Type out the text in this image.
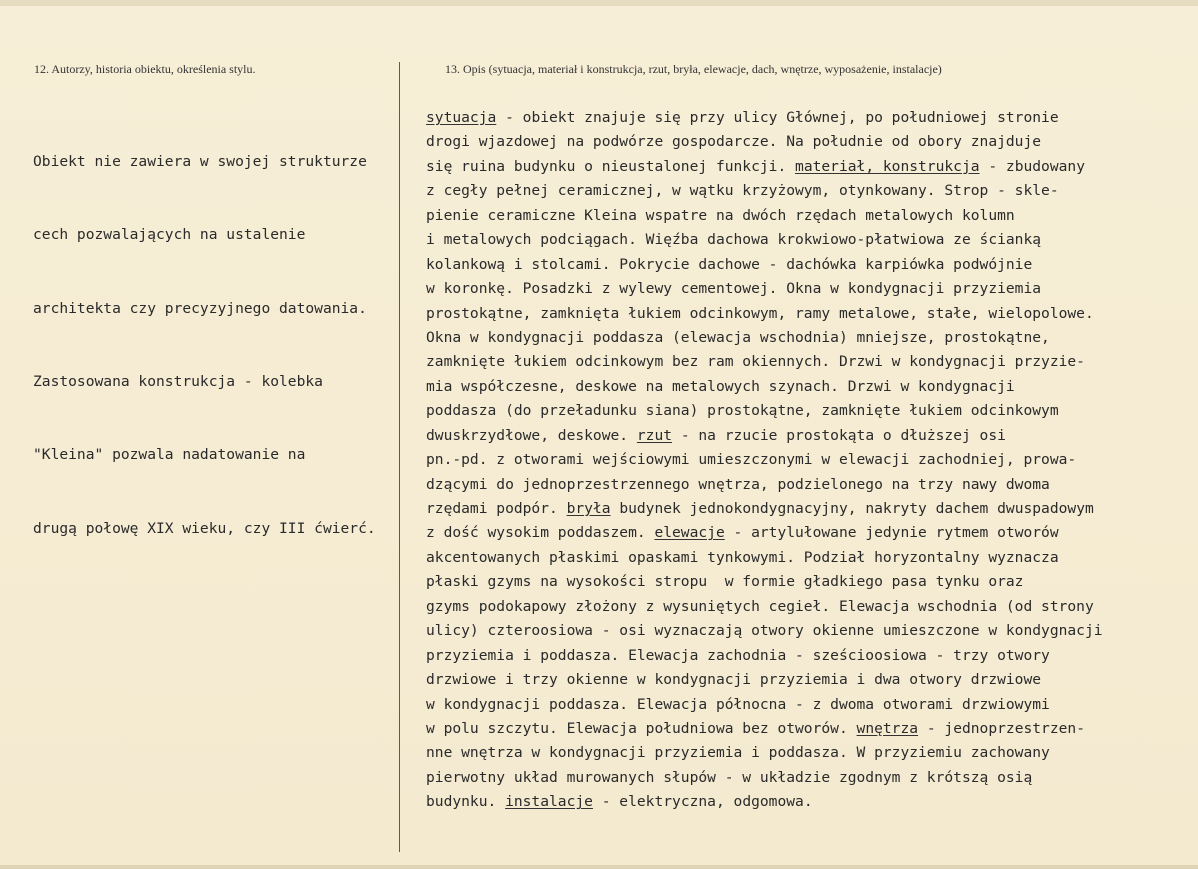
12. Autorzy, historia obiektu, określenia stylu.	13. Opis (sytuacja, materiał i konstrukcja, rzut, bryła, elewacje, dach, wnętrze, wyposażenie, instalacje)

Obiekt nie zawiera w swojej strukturze

cech pozwalających na ustalenie

architekta czy precyzyjnego datowania.

Zastosowana konstrukcja - kolebka

"Kleina" pozwala nadatowanie na

drugą połowę XIX wieku, czy III ćwierć.

sytuacja - obiekt znajuje się przy ulicy Głównej, po południowej stronie
drogi wjazdowej na podwórze gospodarcze. Na południe od obory znajduje
się ruina budynku o nieustalonej funkcji. materiał, konstrukcja - zbudowany
z cegły pełnej ceramicznej, w wątku krzyżowym, otynkowany. Strop - skle-
pienie ceramiczne Kleina wspatre na dwóch rzędach metalowych kolumn
i metalowych podciągach. Więźba dachowa krokwiowo-płatwiowa ze ścianką
kolankową i stolcami. Pokrycie dachowe - dachówka karpiówka podwójnie
w koronkę. Posadzki z wylewy cementowej. Okna w kondygnacji przyziemia
prostokątne, zamknięta łukiem odcinkowym, ramy metalowe, stałe, wielopolowe.
Okna w kondygnacji poddasza (elewacja wschodnia) mniejsze, prostokątne,
zamknięte łukiem odcinkowym bez ram okiennych. Drzwi w kondygnacji przyzie-
mia współczesne, deskowe na metalowych szynach. Drzwi w kondygnacji
poddasza (do przeładunku siana) prostokątne, zamknięte łukiem odcinkowym
dwuskrzydłowe, deskowe. rzut - na rzucie prostokąta o dłuższej osi
pn.-pd. z otworami wejściowymi umieszczonymi w elewacji zachodniej, prowa-
dzącymi do jednoprzestrzennego wnętrza, podzielonego na trzy nawy dwoma
rzędami podpór. bryła budynek jednokondygnacyjny, nakryty dachem dwuspadowym
z dość wysokim poddaszem. elewacje - artylułowane jedynie rytmem otworów
akcentowanych płaskimi opaskami tynkowymi. Podział horyzontalny wyznacza
płaski gzyms na wysokości stropu  w formie gładkiego pasa tynku oraz
gzyms podokapowy złożony z wysuniętych cegieł. Elewacja wschodnia (od strony
ulicy) czteroosiowa - osi wyznaczają otwory okienne umieszczone w kondygnacji
przyziemia i poddasza. Elewacja zachodnia - sześcioosiowa - trzy otwory
drzwiowe i trzy okienne w kondygnacji przyziemia i dwa otwory drzwiowe
w kondygnacji poddasza. Elewacja północna - z dwoma otworami drzwiowymi
w polu szczytu. Elewacja południowa bez otworów. wnętrza - jednoprzestrzen-
nne wnętrza w kondygnacji przyziemia i poddasza. W przyziemiu zachowany
pierwotny układ murowanych słupów - w układzie zgodnym z krótszą osią
budynku. instalacje - elektryczna, odgomowa.
